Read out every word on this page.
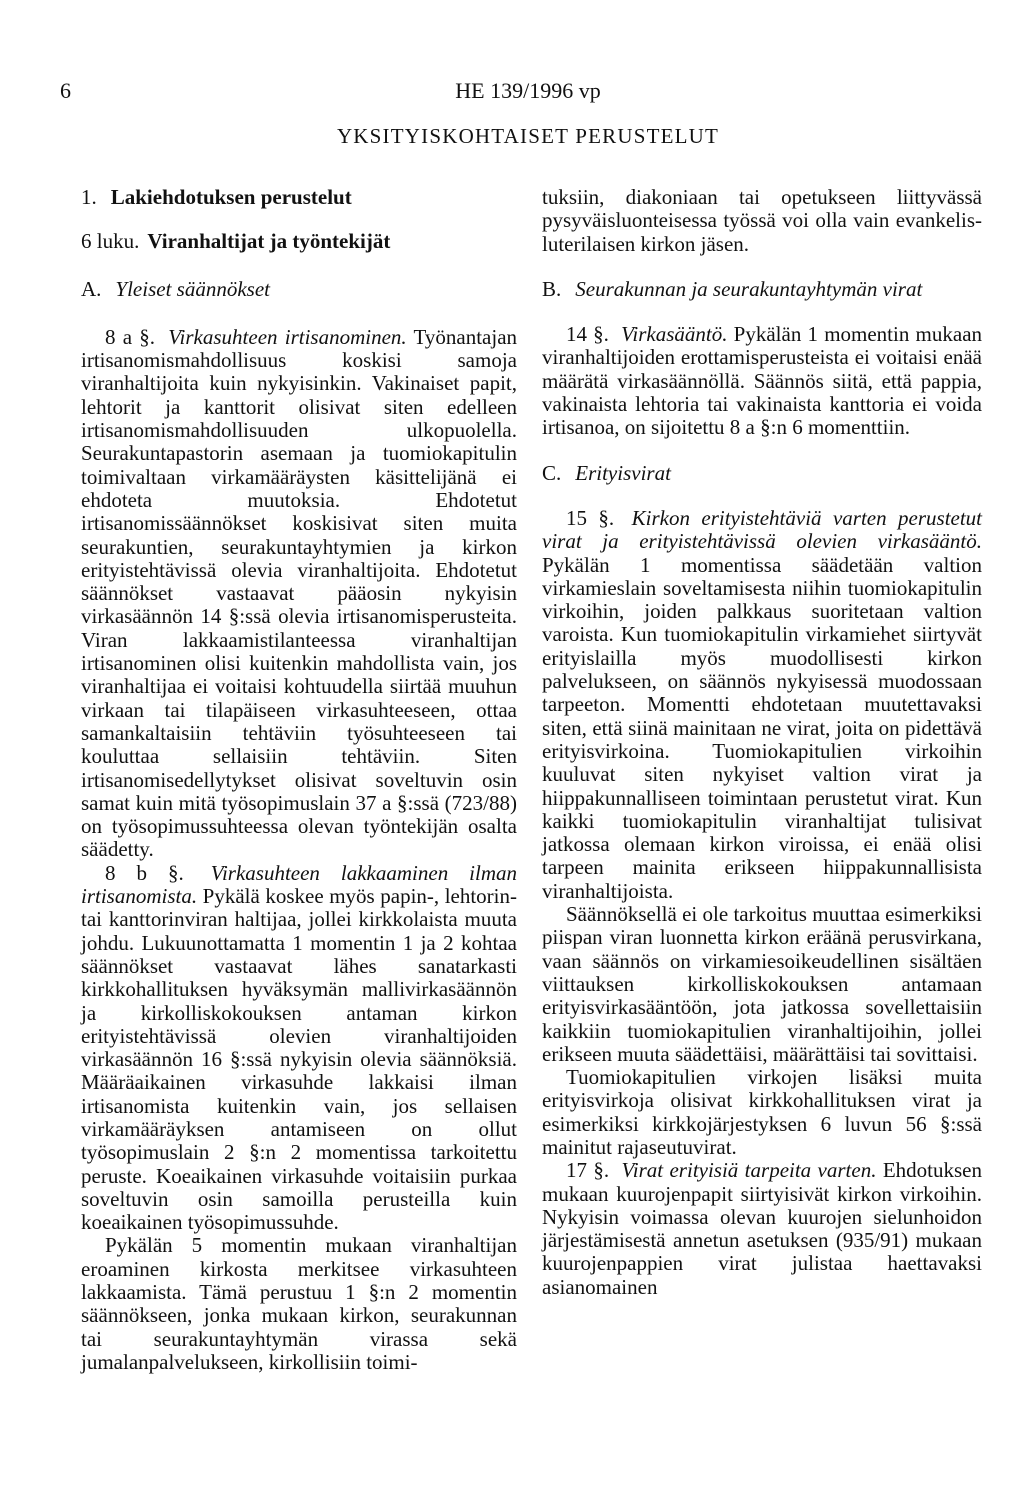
6	HE 139/1996 vp
YKSITYISKOHTAISET PERUSTELUT
1. Lakiehdotuksen perustelut
6 luku. Viranhaltijat ja työntekijät
A. Yleiset säännökset

8 a §. Virkasuhteen irtisanominen. Työnantajan irtisanomismahdollisuus koskisi samoja viranhaltijoita kuin nykyisinkin. Vakinaiset papit, lehtorit ja kanttorit olisivat siten edelleen irtisanomismahdollisuuden ulkopuolella. Seurakuntapastorin asemaan ja tuomiokapitulin toimivaltaan virkamääräysten käsittelijänä ei ehdoteta muutoksia. Ehdotetut irtisanomissäännökset koskisivat siten muita seurakuntien, seurakuntayhtymien ja kirkon erityistehtävissä olevia viranhaltijoita. Ehdotetut säännökset vastaavat pääosin nykyisin virkasäännön 14 §:ssä olevia irtisanomisperusteita. Viran lakkaamistilanteessa viranhaltijan irtisanominen olisi kuitenkin mahdollista vain, jos viranhaltijaa ei voitaisi kohtuudella siirtää muuhun virkaan tai tilapäiseen virkasuhteeseen, ottaa samankaltaisiin tehtäviin työsuhteeseen tai kouluttaa sellaisiin tehtäviin. Siten irtisanomisedellytykset olisivat soveltuvin osin samat kuin mitä työsopimuslain 37 a §:ssä (723/88) on työsopimussuhteessa olevan työntekijän osalta säädetty.

8 b §. Virkasuhteen lakkaaminen ilman irtisanomista. Pykälä koskee myös papin-, lehtorin- tai kanttorinviran haltijaa, jollei kirkkolaista muuta johdu. Lukuunottamatta 1 momentin 1 ja 2 kohtaa säännökset vastaavat lähes sanatarkasti kirkkohallituksen hyväksymän mallivirkasäännön ja kirkolliskokouksen antaman kirkon erityistehtävissä olevien viranhaltijoiden virkasäännön 16 §:ssä nykyisin olevia säännöksiä. Määräaikainen virkasuhde lakkaisi ilman irtisanomista kuitenkin vain, jos sellaisen virkamääräyksen antamiseen on ollut työsopimuslain 2 §:n 2 momentissa tarkoitettu peruste. Koeaikainen virkasuhde voitaisiin purkaa soveltuvin osin samoilla perusteilla kuin koeaikainen työsopimussuhde.

Pykälän 5 momentin mukaan viranhaltijan eroaminen kirkosta merkitsee virkasuhteen lakkaamista. Tämä perustuu 1 §:n 2 momentin säännökseen, jonka mukaan kirkon, seurakunnan tai seurakuntayhtymän virassa sekä jumalanpalvelukseen, kirkollisiin toimi-

tuksiin, diakoniaan tai opetukseen liittyvässä pysyväisluonteisessa työssä voi olla vain evankelis-luterilaisen kirkon jäsen.

B. Seurakunnan ja seurakuntayhtymän virat

14 §. Virkasääntö. Pykälän 1 momentin mukaan viranhaltijoiden erottamisperusteista ei voitaisi enää määrätä virkasäännöllä. Säännös siitä, että pappia, vakinaista lehtoria tai vakinaista kanttoria ei voida irtisanoa, on sijoitettu 8 a §:n 6 momenttiin.

C. Erityisvirat

15 §. Kirkon erityistehtäviä varten perustetut virat ja erityistehtävissä olevien virkasääntö. Pykälän 1 momentissa säädetään valtion virkamieslain soveltamisesta niihin tuomiokapitulin virkoihin, joiden palkkaus suoritetaan valtion varoista. Kun tuomiokapitulin virkamiehet siirtyvät erityislailla myös muodollisesti kirkon palvelukseen, on säännös nykyisessä muodossaan tarpeeton. Momentti ehdotetaan muutettavaksi siten, että siinä mainitaan ne virat, joita on pidettävä erityisvirkoina. Tuomiokapitulien virkoihin kuuluvat siten nykyiset valtion virat ja hiippakunnalliseen toimintaan perustetut virat. Kun kaikki tuomiokapitulin viranhaltijat tulisivat jatkossa olemaan kirkon viroissa, ei enää olisi tarpeen mainita erikseen hiippakunnallisista viranhaltijoista.

Säännöksellä ei ole tarkoitus muuttaa esimerkiksi piispan viran luonnetta kirkon eräänä perusvirkana, vaan säännös on virkamiesoikeudellinen sisältäen viittauksen kirkolliskokouksen antamaan erityisvirkasääntöön, jota jatkossa sovellettaisiin kaikkiin tuomiokapitulien viranhaltijoihin, jollei erikseen muuta säädettäisi, määrättäisi tai sovittaisi.

Tuomiokapitulien virkojen lisäksi muita erityisvirkoja olisivat kirkkohallituksen virat ja esimerkiksi kirkkojärjestyksen 6 luvun 56 §:ssä mainitut rajaseutuvirat.

17 §. Virat erityisiä tarpeita varten. Ehdotuksen mukaan kuurojenpapit siirtyisivät kirkon virkoihin. Nykyisin voimassa olevan kuurojen sielunhoidon järjestämisestä annetun asetuksen (935/91) mukaan kuurojenpappien virat julistaa haettavaksi asianomainen
